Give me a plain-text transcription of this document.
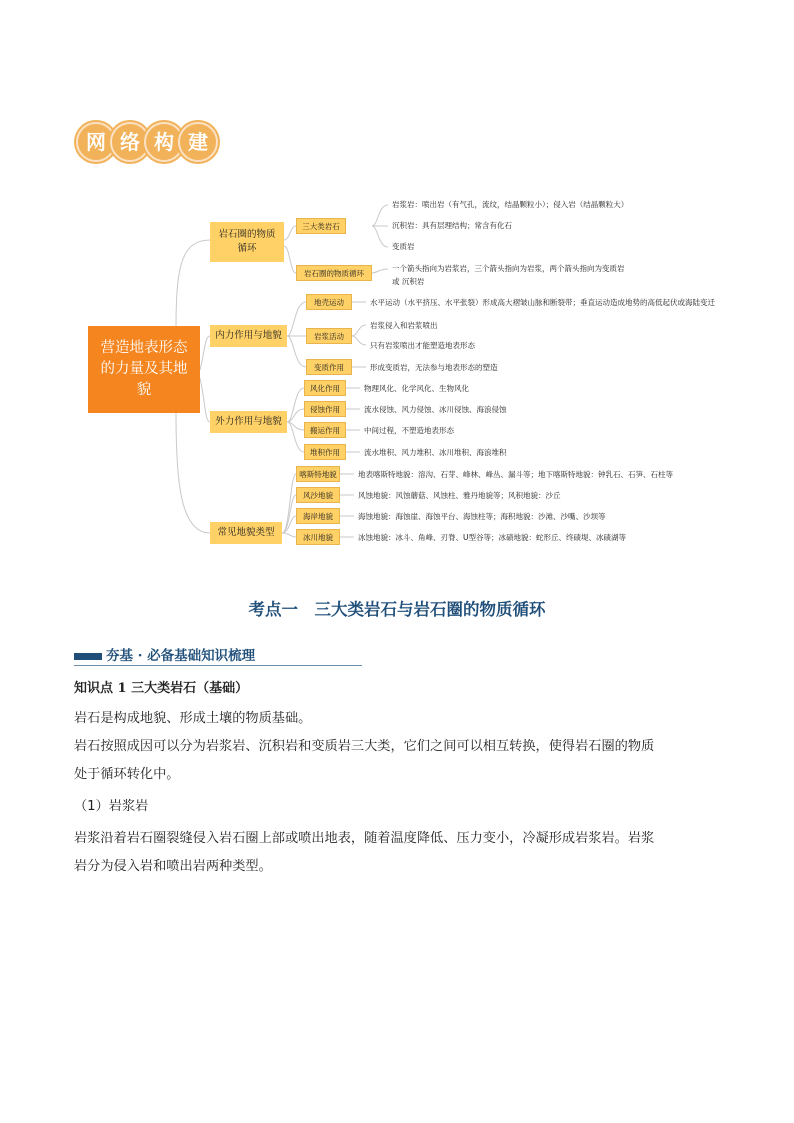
网 络 构 建
营造地表形态的力量及其地貌
岩石圈的物质循环
内力作用与地貌
外力作用与地貌
常见地貌类型
三大类岩石
岩石圈的物质循环
岩浆岩：喷出岩（有气孔，流纹，结晶颗粒小）；侵入岩（结晶颗粒大）
沉积岩：具有层理结构；常含有化石
变质岩
一个箭头指向为岩浆岩，三个箭头指向为岩浆，两个箭头指向为变质岩
或 沉积岩
地壳运动
岩浆活动
变质作用
水平运动（水平挤压、水平张裂）形成高大褶皱山脉和断裂带；垂直运动造成地势的高低起伏或海陆变迁
岩浆侵入和岩浆喷出
只有岩浆喷出才能塑造地表形态
形成变质岩，无法参与地表形态的塑造
风化作用
侵蚀作用
搬运作用
堆积作用
物理风化、化学风化、生物风化
流水侵蚀、风力侵蚀、冰川侵蚀、海浪侵蚀
中间过程，不塑造地表形态
流水堆积、风力堆积、冰川堆积、海浪堆积
喀斯特地貌
风沙地貌
海岸地貌
冰川地貌
地表喀斯特地貌：溶沟、石芽、峰林、峰丛、漏斗等；地下喀斯特地貌：钟乳石、石笋、石柱等
风蚀地貌：风蚀蘑菇、风蚀柱、雅丹地貌等；风积地貌：沙丘
海蚀地貌：海蚀崖、海蚀平台、海蚀柱等；海积地貌：沙滩、沙嘴、沙坝等
冰蚀地貌：冰斗、角峰、刃脊、U型谷等；冰碛地貌：蛇形丘、终碛堤、冰碛湖等
考点一　三大类岩石与岩石圈的物质循环
夯基 · 必备基础知识梳理
知识点 1 三大类岩石（基础）
岩石是构成地貌、形成土壤的物质基础。
岩石按照成因可以分为岩浆岩、沉积岩和变质岩三大类，它们之间可以相互转换，使得岩石圈的物质
处于循环转化中。
（1）岩浆岩
岩浆沿着岩石圈裂缝侵入岩石圈上部或喷出地表，随着温度降低、压力变小，冷凝形成岩浆岩。岩浆
岩分为侵入岩和喷出岩两种类型。
